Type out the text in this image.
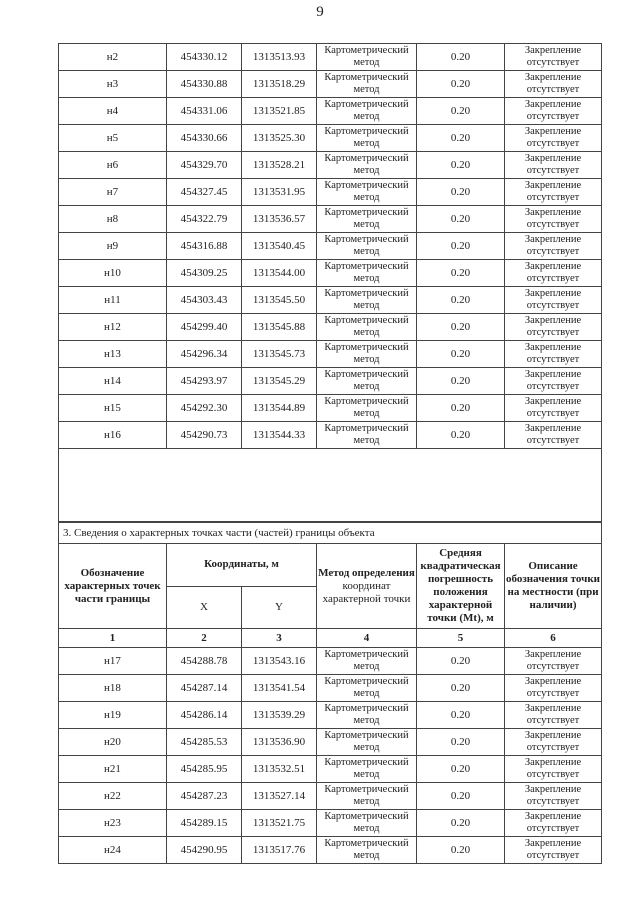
9
н2	454330.12	1313513.93	Картометрический метод	0.20	Закрепление отсутствует
н3	454330.88	1313518.29	Картометрический метод	0.20	Закрепление отсутствует
н4	454331.06	1313521.85	Картометрический метод	0.20	Закрепление отсутствует
н5	454330.66	1313525.30	Картометрический метод	0.20	Закрепление отсутствует
н6	454329.70	1313528.21	Картометрический метод	0.20	Закрепление отсутствует
н7	454327.45	1313531.95	Картометрический метод	0.20	Закрепление отсутствует
н8	454322.79	1313536.57	Картометрический метод	0.20	Закрепление отсутствует
н9	454316.88	1313540.45	Картометрический метод	0.20	Закрепление отсутствует
н10	454309.25	1313544.00	Картометрический метод	0.20	Закрепление отсутствует
н11	454303.43	1313545.50	Картометрический метод	0.20	Закрепление отсутствует
н12	454299.40	1313545.88	Картометрический метод	0.20	Закрепление отсутствует
н13	454296.34	1313545.73	Картометрический метод	0.20	Закрепление отсутствует
н14	454293.97	1313545.29	Картометрический метод	0.20	Закрепление отсутствует
н15	454292.30	1313544.89	Картометрический метод	0.20	Закрепление отсутствует
н16	454290.73	1313544.33	Картометрический метод	0.20	Закрепление отсутствует

3. Сведения о характерных точках части (частей) границы объекта					
Обозначение характерных точек части границы	Координаты, м		Метод определения
координат характерной точки	Средняя квадратическая погрешность положения характерной точки (Mt), м	Описание обозначения точки на местности (при наличии)
	X	Y			
1	2	3	4	5	6
н17	454288.78	1313543.16	Картометрический метод	0.20	Закрепление отсутствует
н18	454287.14	1313541.54	Картометрический метод	0.20	Закрепление отсутствует
н19	454286.14	1313539.29	Картометрический метод	0.20	Закрепление отсутствует
н20	454285.53	1313536.90	Картометрический метод	0.20	Закрепление отсутствует
н21	454285.95	1313532.51	Картометрический метод	0.20	Закрепление отсутствует
н22	454287.23	1313527.14	Картометрический метод	0.20	Закрепление отсутствует
н23	454289.15	1313521.75	Картометрический метод	0.20	Закрепление отсутствует
н24	454290.95	1313517.76	Картометрический метод	0.20	Закрепление отсутствует
